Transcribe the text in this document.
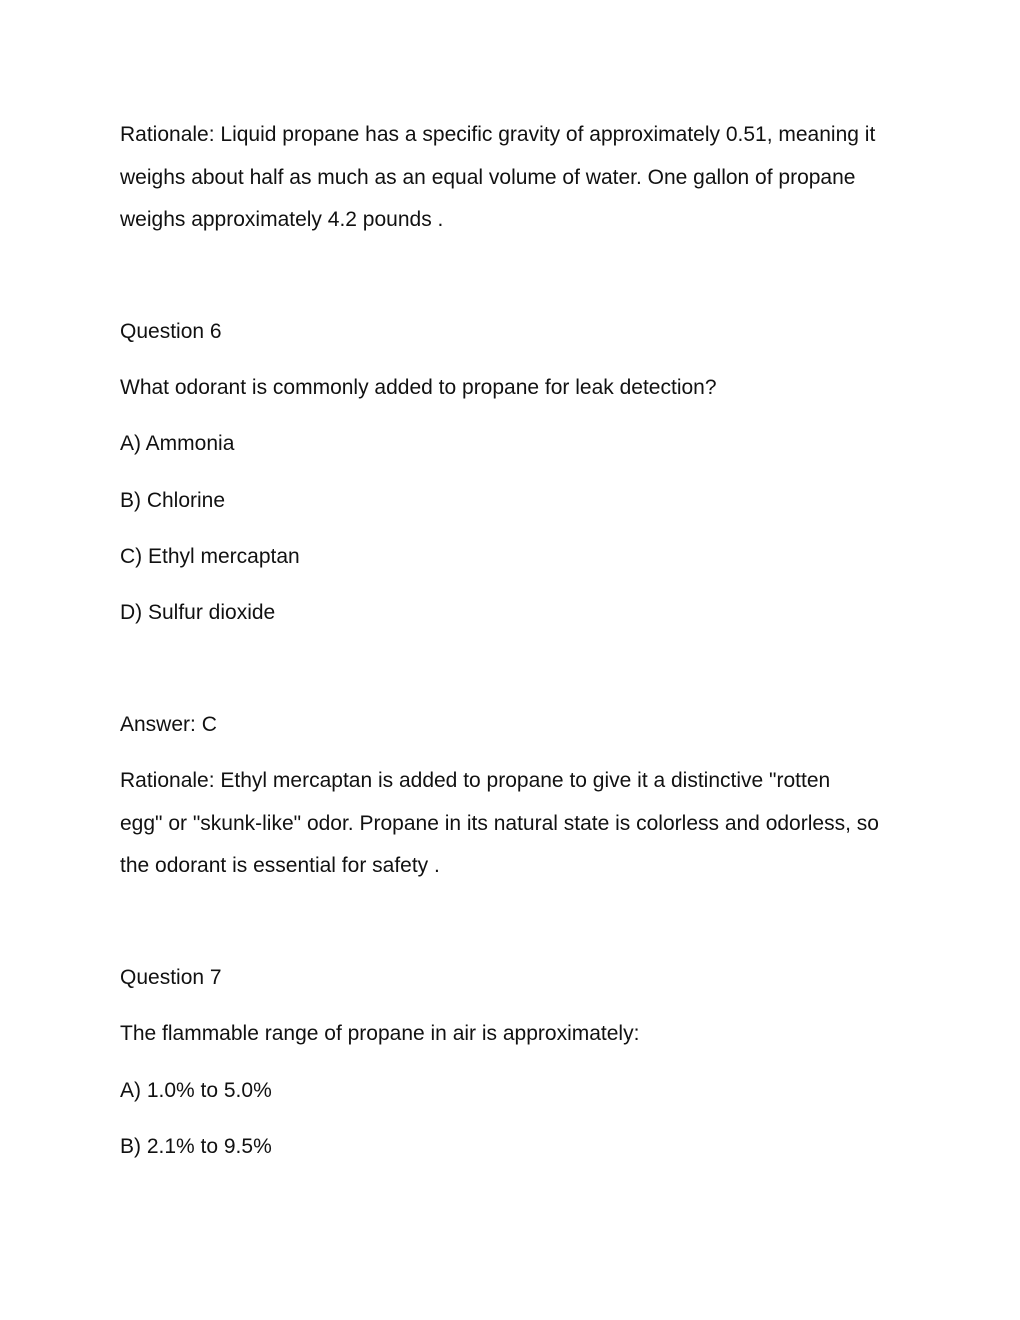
Rationale: Liquid propane has a specific gravity of approximately 0.51, meaning it
weighs about half as much as an equal volume of water. One gallon of propane
weighs approximately 4.2 pounds .
Question 6
What odorant is commonly added to propane for leak detection?
A) Ammonia
B) Chlorine
C) Ethyl mercaptan
D) Sulfur dioxide
Answer: C
Rationale: Ethyl mercaptan is added to propane to give it a distinctive "rotten
egg" or "skunk-like" odor. Propane in its natural state is colorless and odorless, so
the odorant is essential for safety .
Question 7
The flammable range of propane in air is approximately:
A) 1.0% to 5.0%
B) 2.1% to 9.5%
